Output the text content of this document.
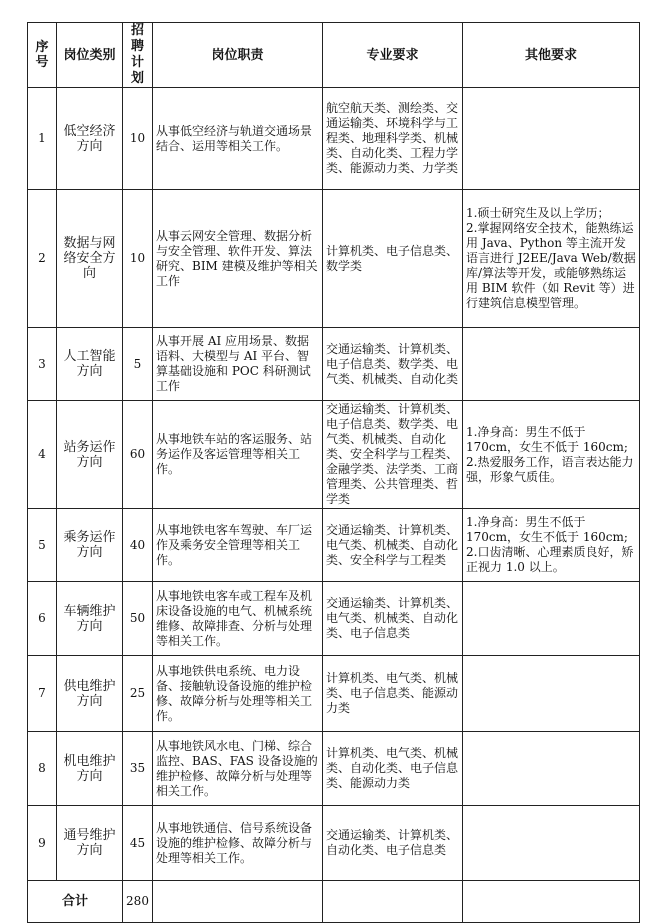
序号	岗位类别	招聘计划	岗位职责	专业要求	其他要求
1	低空经济方向	10	从事低空经济与轨道交通场景结合、运用等相关工作。	航空航天类、测绘类、交通运输类、环境科学与工程类、地理科学类、机械类、自动化类、工程力学类、能源动力类、力学类	
2	数据与网络安全方向	10	从事云网安全管理、数据分析与安全管理、软件开发、算法研究、BIM 建模及维护等相关工作	计算机类、电子信息类、数学类	1.硕士研究生及以上学历；
2.掌握网络安全技术，能熟练运用 Java、Python 等主流开发语言进行 J2EE/Java Web/数据库/算法等开发，或能够熟练运用 BIM 软件（如 Revit 等）进行建筑信息模型管理。
3	人工智能方向	5	从事开展 AI 应用场景、数据语料、大模型与 AI 平台、智算基础设施和 POC 科研测试工作	交通运输类、计算机类、电子信息类、数学类、电气类、机械类、自动化类	
4	站务运作方向	60	从事地铁车站的客运服务、站务运作及客运管理等相关工作。	交通运输类、计算机类、电子信息类、数学类、电气类、机械类、自动化类、安全科学与工程类、金融学类、法学类、工商管理类、公共管理类、哲学类	1.净身高：男生不低于170cm，女生不低于 160cm;
2.热爱服务工作，语言表达能力强，形象气质佳。
5	乘务运作方向	40	从事地铁电客车驾驶、车厂运作及乘务安全管理等相关工作。	交通运输类、计算机类、电气类、机械类、自动化类、安全科学与工程类	1.净身高：男生不低于170cm，女生不低于 160cm;
2.口齿清晰、心理素质良好，矫正视力 1.0 以上。
6	车辆维护方向	50	从事地铁电客车或工程车及机床设备设施的电气、机械系统维修、故障排查、分析与处理等相关工作。	交通运输类、计算机类、电气类、机械类、自动化类、电子信息类	
7	供电维护方向	25	从事地铁供电系统、电力设备、接触轨设备设施的维护检修、故障分析与处理等相关工作。	计算机类、电气类、机械类、电子信息类、能源动力类	
8	机电维护方向	35	从事地铁风水电、门梯、综合监控、BAS、FAS 设备设施的维护检修、故障分析与处理等相关工作。	计算机类、电气类、机械类、自动化类、电子信息类、能源动力类	
9	通号维护方向	45	从事地铁通信、信号系统设备设施的维护检修、故障分析与处理等相关工作。	交通运输类、计算机类、自动化类、电子信息类	
合计		280			
